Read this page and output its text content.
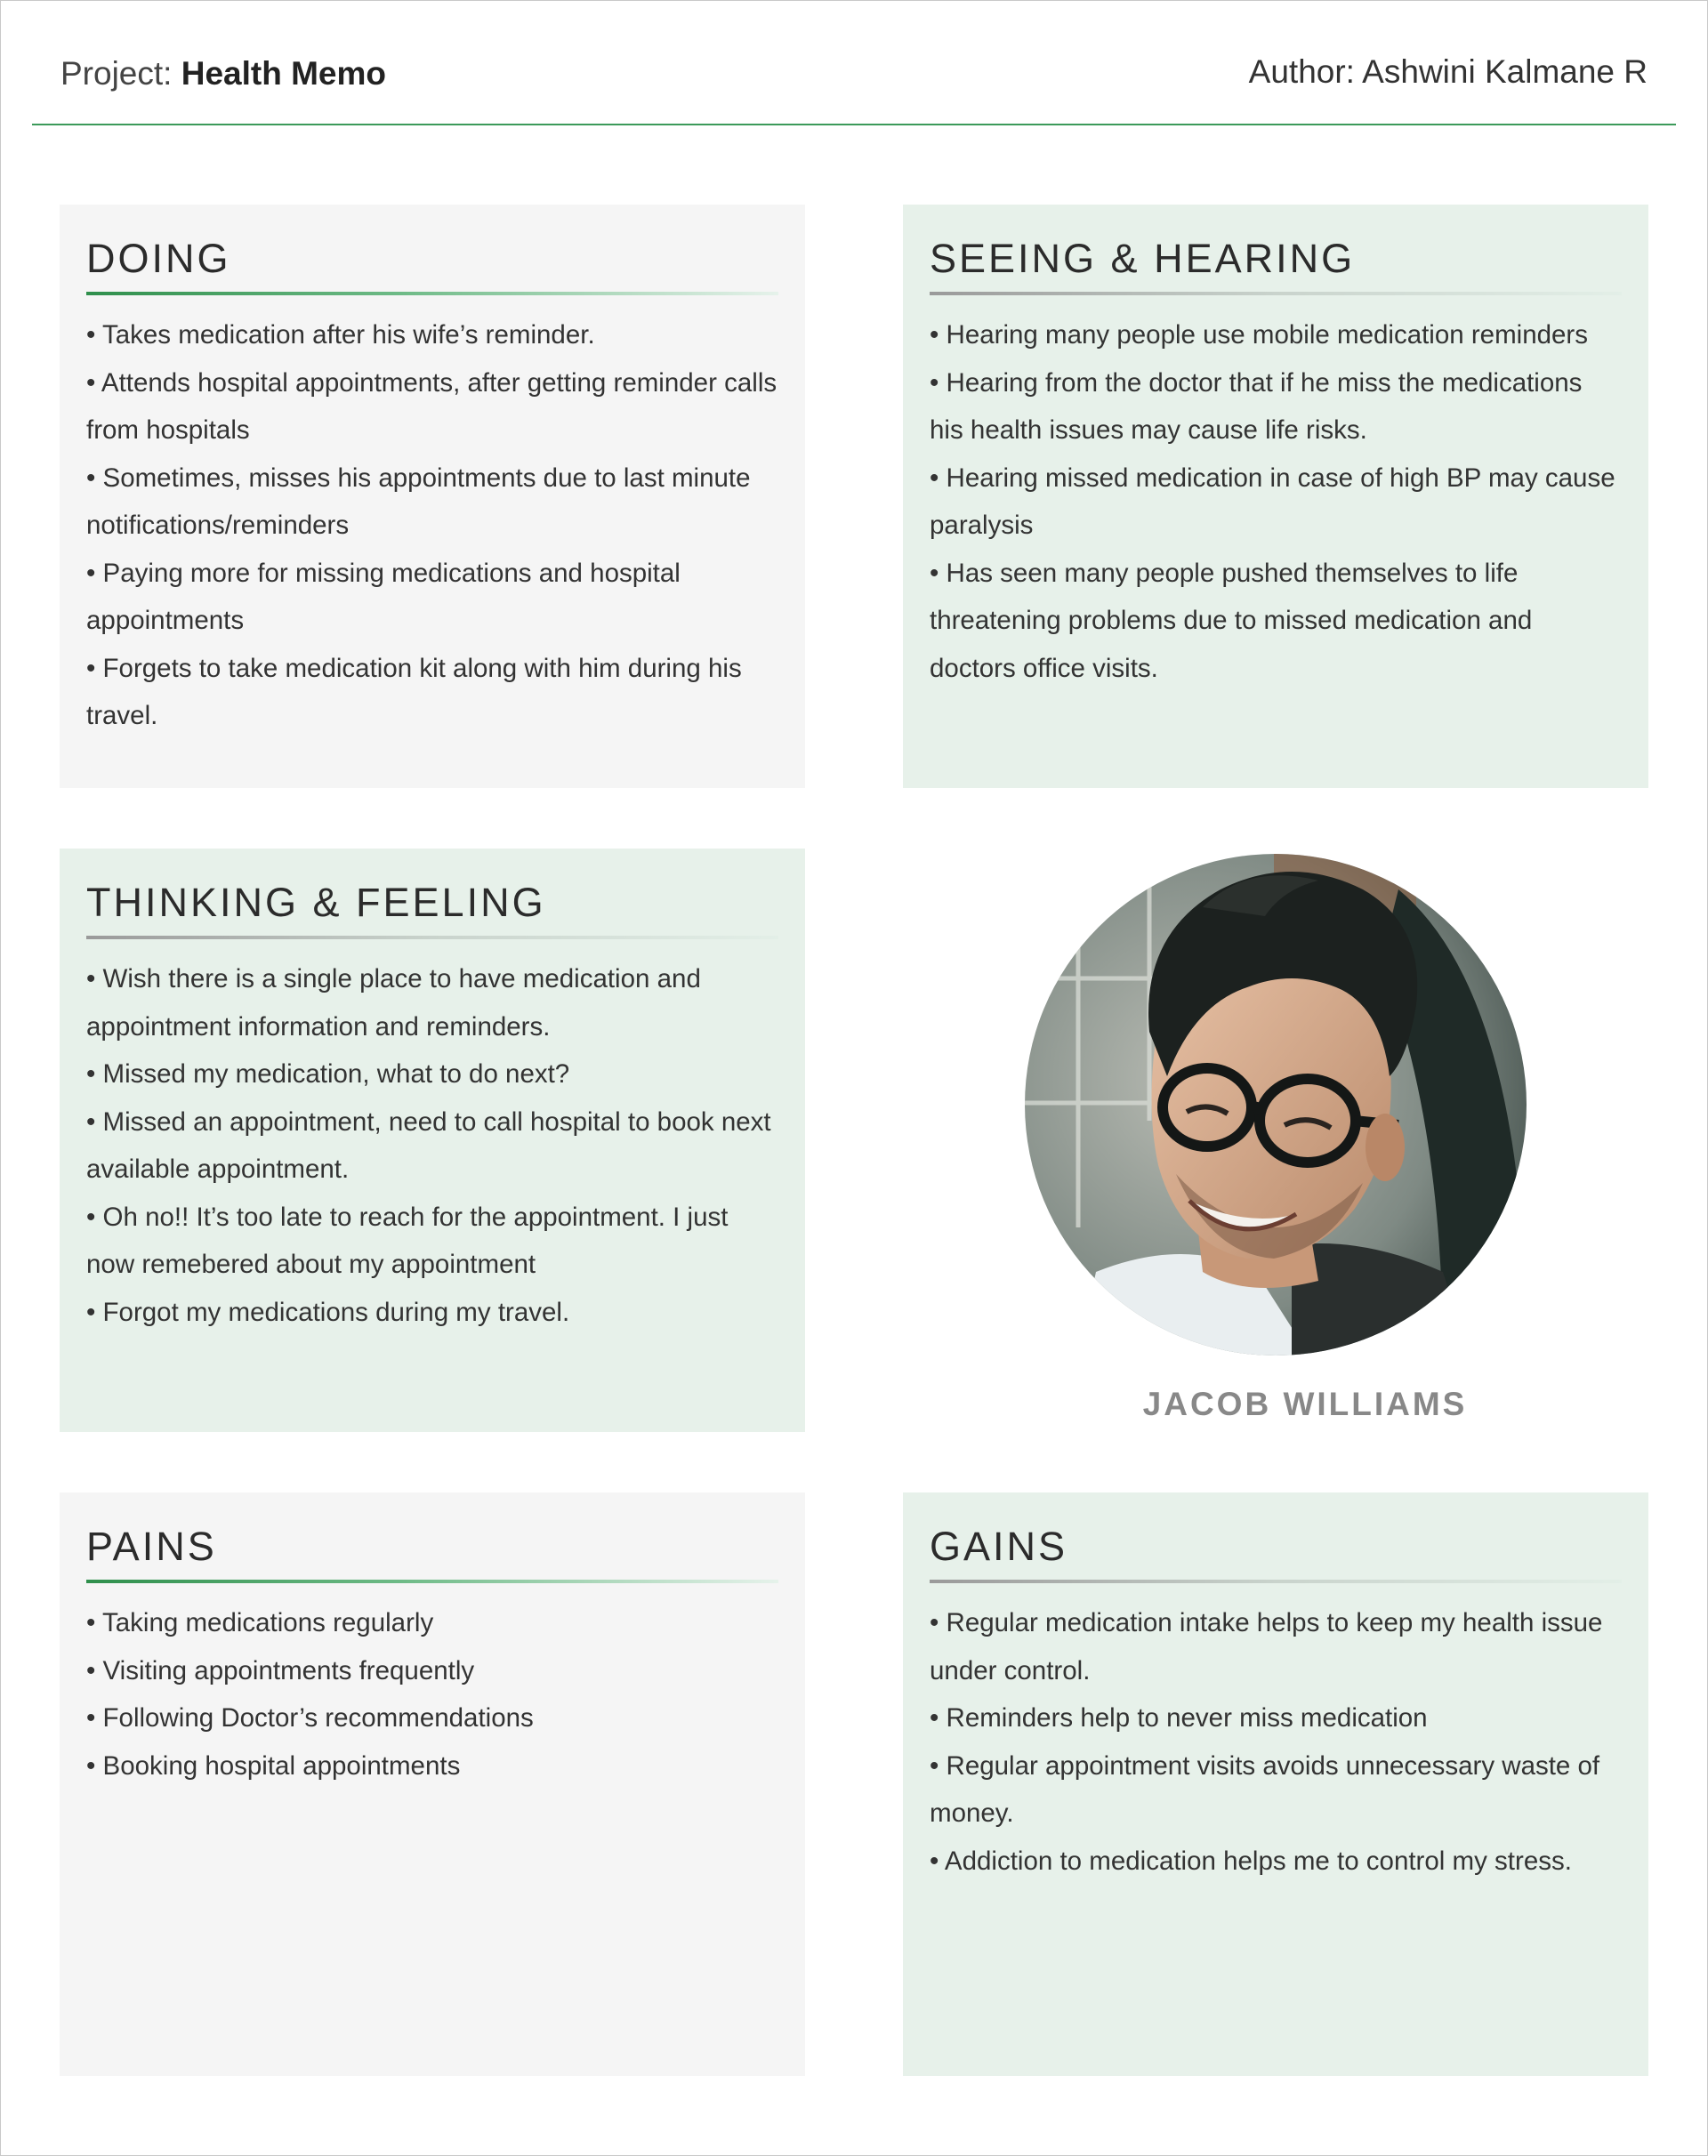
Project: Health Memo	Author: Ashwini Kalmane R
DOING
• Takes medication after his wife’s reminder.
• Attends hospital appointments, after getting reminder calls from hospitals
• Sometimes, misses his appointments due to last minute notifications/reminders
• Paying more for missing medications and hospital appointments
• Forgets to take medication kit along with him during his travel.
SEEING & HEARING
• Hearing many people use mobile medication reminders
• Hearing from the doctor that if he miss the medications his health issues may cause life risks.
• Hearing missed medication in case of high BP may cause paralysis
• Has seen many people pushed themselves to life threatening problems due to missed medication and doctors office visits.
THINKING & FEELING
• Wish there is a single place to have medication and appointment information and reminders.
• Missed my medication, what to do next?
• Missed an appointment, need to call hospital to book next available appointment.
• Oh no!! It’s too late to reach for the appointment. I just now remebered about my appointment
• Forgot my medications during my travel.
JACOB WILLIAMS
PAINS
• Taking medications regularly
• Visiting appointments frequently
• Following Doctor’s recommendations
• Booking hospital appointments
GAINS
• Regular medication intake helps to keep my health issue under control.
• Reminders help to never miss medication
• Regular appointment visits avoids unnecessary waste of money.
• Addiction to medication helps me to control my stress.
